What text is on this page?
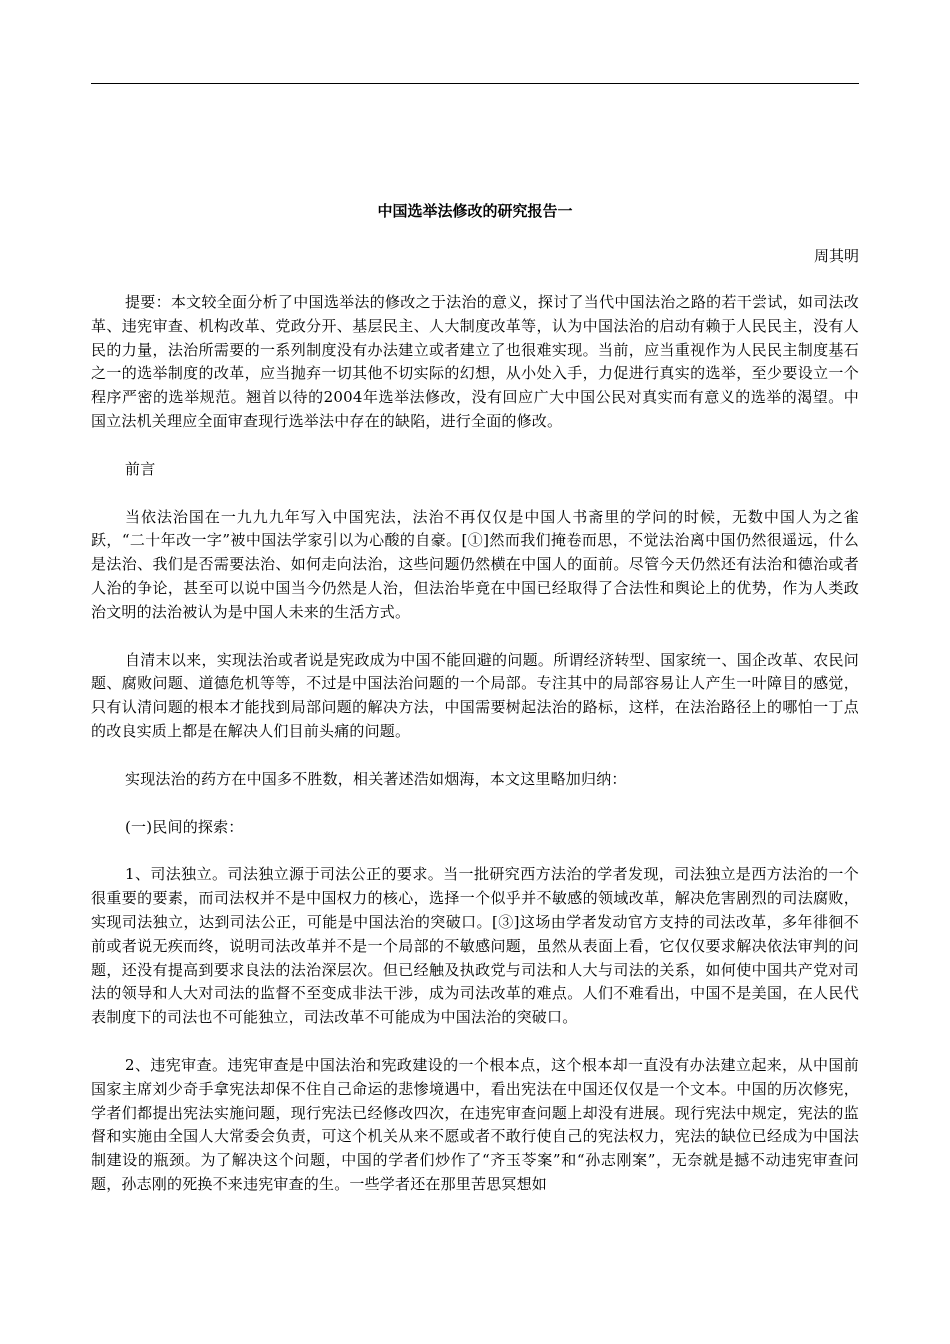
中国选举法修改的研究报告一
周其明

提要：本文较全面分析了中国选举法的修改之于法治的意义，探讨了当代中国法治之路的若干尝试，如司法改革、违宪审查、机构改革、党政分开、基层民主、人大制度改革等，认为中国法治的启动有赖于人民民主，没有人民的力量，法治所需要的一系列制度没有办法建立或者建立了也很难实现。当前，应当重视作为人民民主制度基石之一的选举制度的改革，应当抛弃一切其他不切实际的幻想，从小处入手，力促进行真实的选举，至少要设立一个程序严密的选举规范。翘首以待的2004年选举法修改，没有回应广大中国公民对真实而有意义的选举的渴望。中国立法机关理应全面审查现行选举法中存在的缺陷，进行全面的修改。

前言

当依法治国在一九九九年写入中国宪法，法治不再仅仅是中国人书斋里的学问的时候，无数中国人为之雀跃，“二十年改一字”被中国法学家引以为心酸的自豪。[①]然而我们掩卷而思，不觉法治离中国仍然很遥远，什么是法治、我们是否需要法治、如何走向法治，这些问题仍然横在中国人的面前。尽管今天仍然还有法治和德治或者人治的争论，甚至可以说中国当今仍然是人治，但法治毕竟在中国已经取得了合法性和舆论上的优势，作为人类政治文明的法治被认为是中国人未来的生活方式。

自清末以来，实现法治或者说是宪政成为中国不能回避的问题。所谓经济转型、国家统一、国企改革、农民问题、腐败问题、道德危机等等，不过是中国法治问题的一个局部。专注其中的局部容易让人产生一叶障目的感觉，只有认清问题的根本才能找到局部问题的解决方法，中国需要树起法治的路标，这样，在法治路径上的哪怕一丁点的改良实质上都是在解决人们目前头痛的问题。

实现法治的药方在中国多不胜数，相关著述浩如烟海，本文这里略加归纳：

(一)民间的探索：

1、司法独立。司法独立源于司法公正的要求。当一批研究西方法治的学者发现，司法独立是西方法治的一个很重要的要素，而司法权并不是中国权力的核心，选择一个似乎并不敏感的领域改革，解决危害剧烈的司法腐败，实现司法独立，达到司法公正，可能是中国法治的突破口。[③]这场由学者发动官方支持的司法改革，多年徘徊不前或者说无疾而终，说明司法改革并不是一个局部的不敏感问题，虽然从表面上看，它仅仅要求解决依法审判的问题，还没有提高到要求良法的法治深层次。但已经触及执政党与司法和人大与司法的关系，如何使中国共产党对司法的领导和人大对司法的监督不至变成非法干涉，成为司法改革的难点。人们不难看出，中国不是美国，在人民代表制度下的司法也不可能独立，司法改革不可能成为中国法治的突破口。

2、违宪审查。违宪审查是中国法治和宪政建设的一个根本点，这个根本却一直没有办法建立起来，从中国前国家主席刘少奇手拿宪法却保不住自己命运的悲惨境遇中，看出宪法在中国还仅仅是一个文本。中国的历次修宪，学者们都提出宪法实施问题，现行宪法已经修改四次，在违宪审查问题上却没有进展。现行宪法中规定，宪法的监督和实施由全国人大常委会负责，可这个机关从来不愿或者不敢行使自己的宪法权力，宪法的缺位已经成为中国法制建设的瓶颈。为了解决这个问题，中国的学者们炒作了“齐玉苓案”和“孙志刚案”，无奈就是撼不动违宪审查问题，孙志刚的死换不来违宪审查的生。一些学者还在那里苦思冥想如
